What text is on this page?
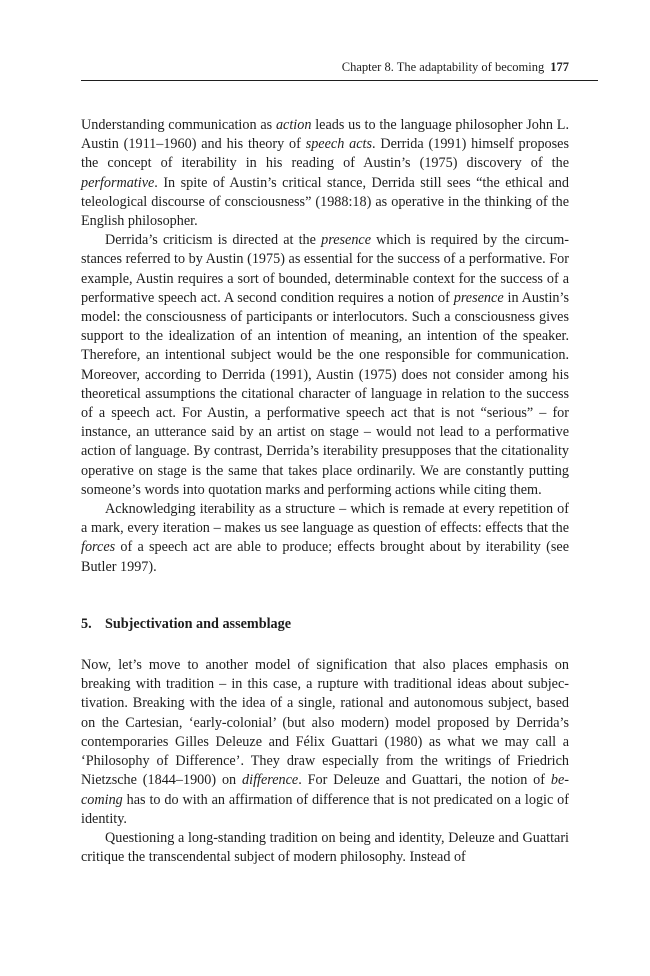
Chapter 8. The adaptability of becoming 177

Understanding communication as action leads us to the language philosopher John L. Austin (1911–1960) and his theory of speech acts. Derrida (1991) himself proposes the concept of iterability in his reading of Austin’s (1975) discovery of the performative. In spite of Austin’s critical stance, Derrida still sees “the ethical and teleological discourse of consciousness” (1988:18) as operative in the thinking of the English philosopher.

Derrida’s criticism is directed at the presence which is required by the circumstances referred to by Austin (1975) as essential for the success of a performative. For example, Austin requires a sort of bounded, determinable context for the success of a performative speech act. A second condition requires a notion of presence in Austin’s model: the consciousness of participants or interlocutors. Such a consciousness gives support to the idealization of an intention of meaning, an intention of the speaker. Therefore, an intentional subject would be the one responsible for communication. Moreover, according to Derrida (1991), Austin (1975) does not consider among his theoretical assumptions the citational character of language in relation to the success of a speech act. For Austin, a performative speech act that is not “serious” – for instance, an utterance said by an artist on stage – would not lead to a performative action of language. By contrast, Derrida’s iterability presupposes that the citationality operative on stage is the same that takes place ordinarily. We are constantly putting someone’s words into quotation marks and performing actions while citing them.

Acknowledging iterability as a structure – which is remade at every repetition of a mark, every iteration – makes us see language as question of effects: effects that the forces of a speech act are able to produce; effects brought about by iterability (see Butler 1997).

5. Subjectivation and assemblage

Now, let’s move to another model of signification that also places emphasis on breaking with tradition – in this case, a rupture with traditional ideas about subjectivation. Breaking with the idea of a single, rational and autonomous subject, based on the Cartesian, ‘early-colonial’ (but also modern) model proposed by Derrida’s contemporaries Gilles Deleuze and Félix Guattari (1980) as what we may call a ‘Philosophy of Difference’. They draw especially from the writings of Friedrich Nietzsche (1844–1900) on difference. For Deleuze and Guattari, the notion of becoming has to do with an affirmation of difference that is not predicated on a logic of identity.

Questioning a long-standing tradition on being and identity, Deleuze and Guattari critique the transcendental subject of modern philosophy. Instead of
